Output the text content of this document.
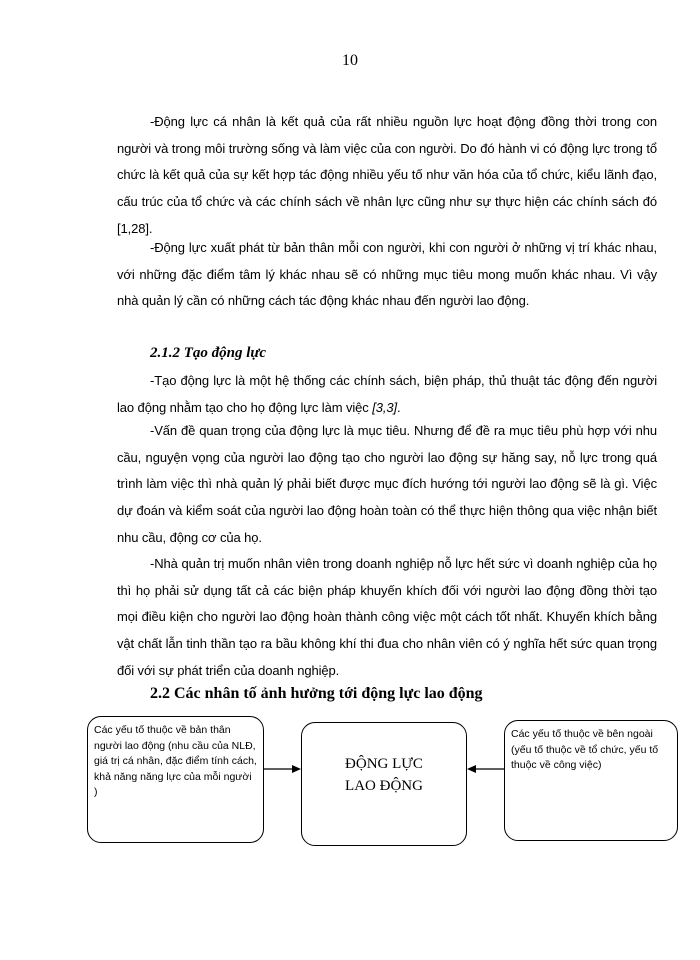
10

-Động lực cá nhân là kết quả của rất nhiều nguồn lực hoạt động đồng thời trong con người và trong môi trường sống và làm việc của con người. Do đó hành vi có động lực trong tổ chức là kết quả của sự kết hợp tác động nhiều yếu tố như văn hóa của tổ chức, kiểu lãnh đạo, cấu trúc của tổ chức và các chính sách về nhân lực cũng như sự thực hiện các chính sách đó [1,28].

-Động lực xuất phát từ bản thân mỗi con người, khi con người ở những vị trí khác nhau, với những đặc điểm tâm lý khác nhau sẽ có những mục tiêu mong muốn khác nhau. Vì vậy nhà quản lý cần có những cách tác động khác nhau đến người lao động.

2.1.2 Tạo động lực

-Tạo động lực là một hệ thống các chính sách, biện pháp, thủ thuật tác động đến người lao động nhằm tạo cho họ động lực làm việc [3,3].

-Vấn đề quan trọng của động lực là mục tiêu. Nhưng để đề ra mục tiêu phù hợp với nhu cầu, nguyện vọng của người lao động tạo cho người lao động sự hăng say, nỗ lực trong quá trình làm việc thì nhà quản lý phải biết được mục đích hướng tới người lao động sẽ là gì. Việc dự đoán và kiểm soát của người lao động hoàn toàn có thể thực hiện thông qua việc nhận biết nhu cầu, động cơ của họ.

-Nhà quản trị muốn nhân viên trong doanh nghiệp nỗ lực hết sức vì doanh nghiệp của họ thì họ phải sử dụng tất cả các biện pháp khuyến khích đối với người lao động đồng thời tạo mọi điều kiện cho người lao động hoàn thành công việc một cách tốt nhất. Khuyến khích bằng vật chất lẫn tinh thần tạo ra bầu không khí thi đua cho nhân viên có ý nghĩa hết sức quan trọng đối với sự phát triển của doanh nghiệp.

2.2 Các nhân tố ảnh hưởng tới động lực lao động
Các yếu tố thuộc về bản thân người lao động (nhu cầu của NLĐ, giá trị cá nhân, đặc điểm tính cách, khả năng năng lực của mỗi người )
ĐỘNG LỰC
LAO ĐỘNG
Các yếu tố thuộc về bên ngoài (yếu tố thuộc về tổ chức, yếu tố thuộc về công việc)
